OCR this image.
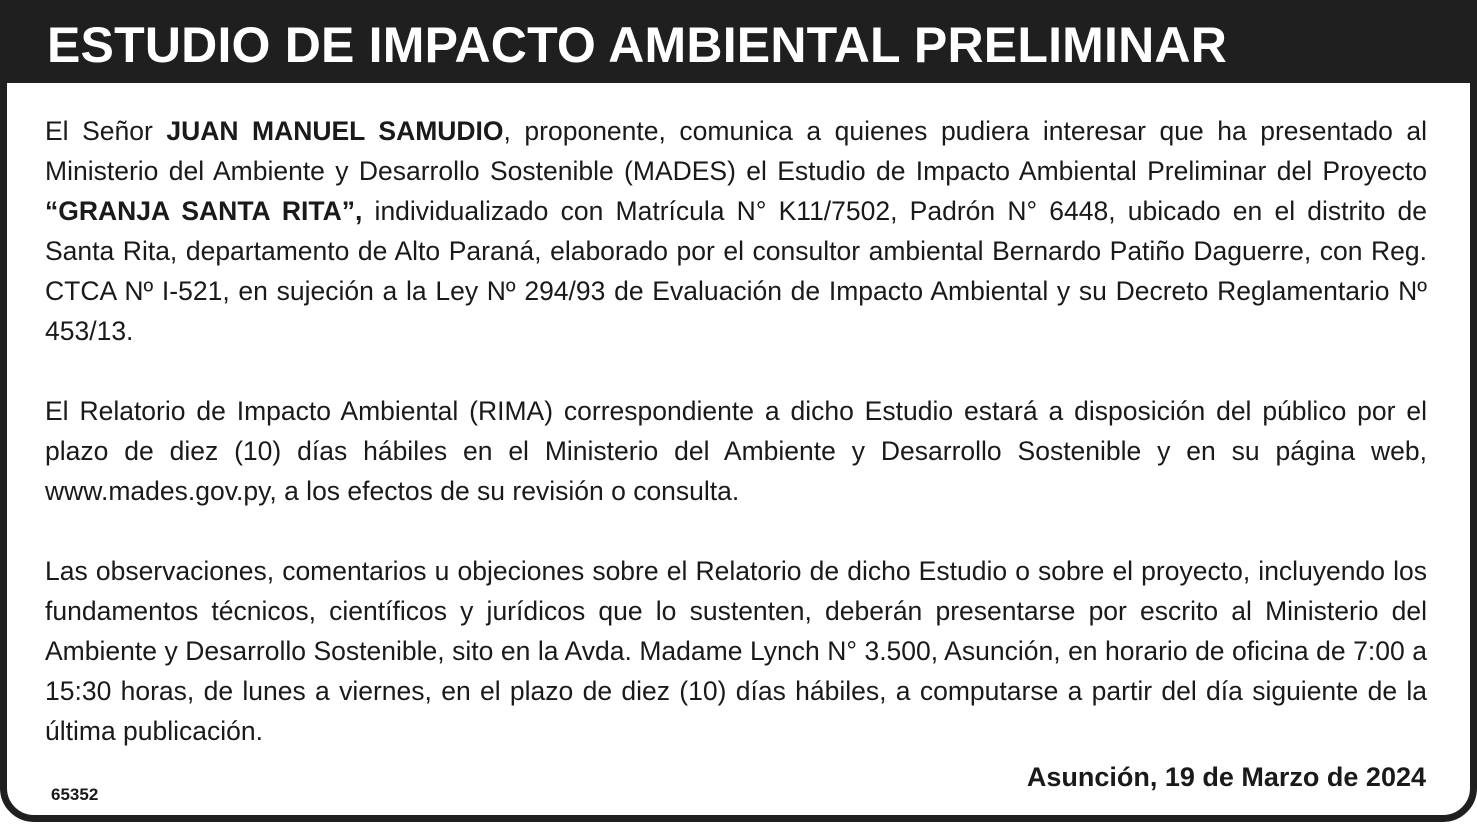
ESTUDIO DE IMPACTO AMBIENTAL PRELIMINAR

El Señor JUAN MANUEL SAMUDIO, proponente, comunica a quienes pudiera interesar que ha presentado al Ministerio del Ambiente y Desarrollo Sostenible (MADES) el Estudio de Impacto Ambiental Preliminar del Proyecto “GRANJA SANTA RITA”, individualizado con Matrícula N° K11/7502, Padrón N° 6448, ubicado en el distrito de Santa Rita, departamento de Alto Paraná, elaborado por el consultor ambiental Bernardo Patiño Daguerre, con Reg. CTCA Nº I-521, en sujeción a la Ley Nº 294/93 de Evaluación de Impacto Ambiental y su Decreto Reglamentario Nº 453/13.

El Relatorio de Impacto Ambiental (RIMA) correspondiente a dicho Estudio estará a disposición del público por el plazo de diez (10) días hábiles en el Ministerio del Ambiente y Desarrollo Sostenible y en su página web, www.mades.gov.py, a los efectos de su revisión o consulta.

Las observaciones, comentarios u objeciones sobre el Relatorio de dicho Estudio o sobre el proyecto, incluyendo los fundamentos técnicos, científicos y jurídicos que lo sustenten, deberán presentarse por escrito al Ministerio del Ambiente y Desarrollo Sostenible, sito en la Avda. Madame Lynch N° 3.500, Asunción, en horario de oficina de 7:00 a 15:30 horas, de lunes a viernes, en el plazo de diez (10) días hábiles, a computarse a partir del día siguiente de la última publicación.

Asunción, 19 de Marzo de 2024
65352
